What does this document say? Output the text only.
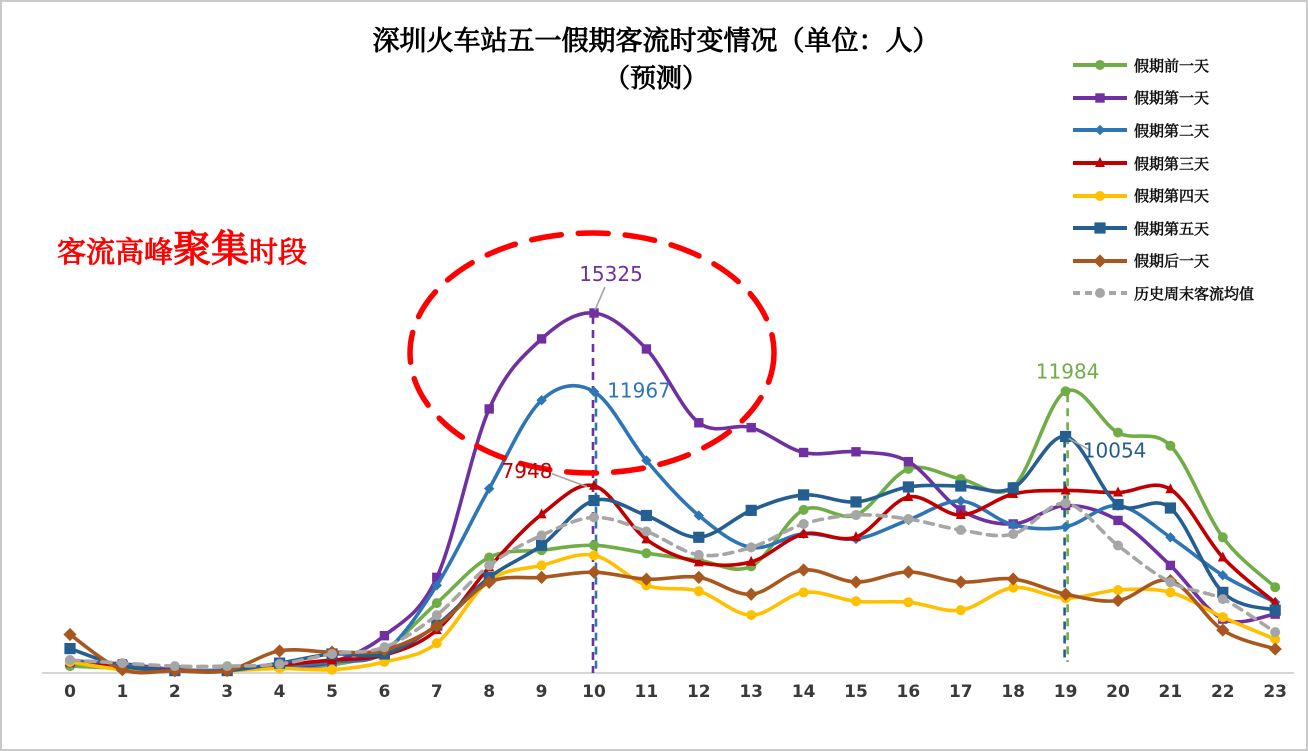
15325
11967
7948
11984
10054
深圳火车站五一假期客流时变情况（单位：人）
（预测）
客流高峰聚集时段
假期前一天
假期第一天
假期第二天
假期第三天
假期第四天
假期第五天
假期后一天
历史周末客流均值
0	1	2	3	4	5	6	7	8	9	10	11	12	13	14	15	16	17	18	19	20	21	22	23
